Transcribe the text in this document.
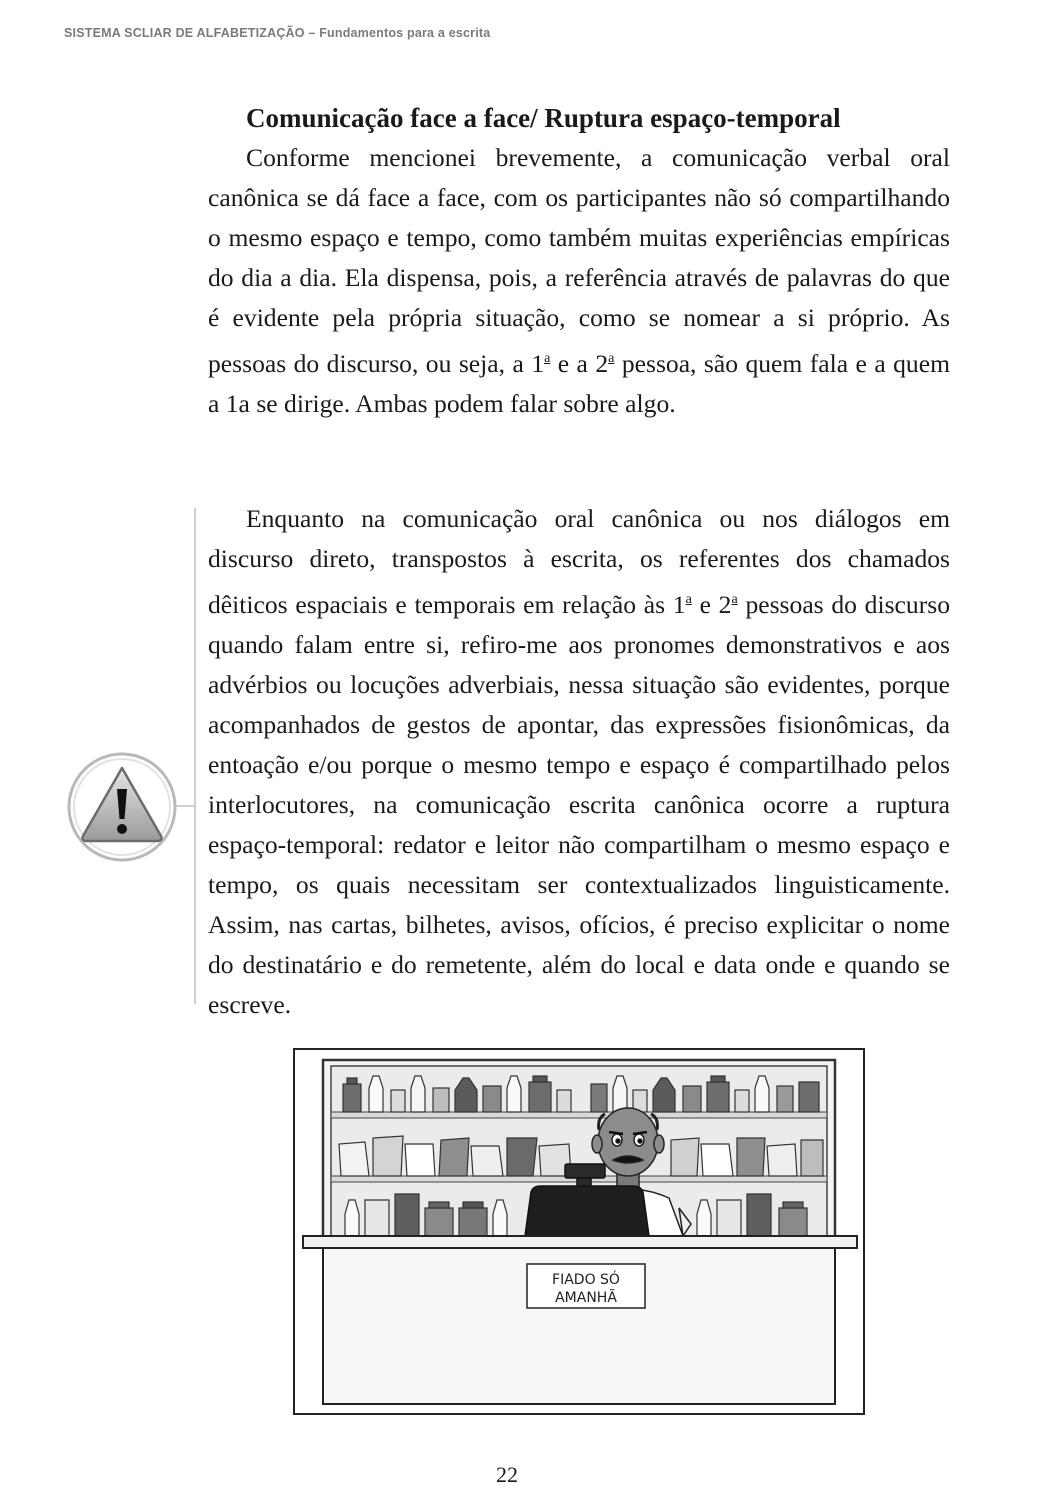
SISTEMA SCLIAR DE ALFABETIZAÇÃO – Fundamentos para a escrita
Comunicação face a face/ Ruptura espaço-temporal

Conforme mencionei brevemente, a comunicação verbal oral canônica se dá face a face, com os participantes não só compartilhando o mesmo espaço e tempo, como também muitas experiências empíricas do dia a dia. Ela dispensa, pois, a referência através de palavras do que é evidente pela própria situação, como se nomear a si próprio. As pessoas do discurso, ou seja, a 1$^a$ e a 2$^a$ pessoa, são quem fala e a quem a 1a se dirige. Ambas podem falar sobre algo.

Enquanto na comunicação oral canônica ou nos diálogos em discurso direto, transpostos à escrita, os referentes dos chamados dêiticos espaciais e temporais em relação às 1$^a$ e 2$^a$ pessoas do discurso quando falam entre si, refiro-me aos pronomes demonstrativos e aos advérbios ou locuções adverbiais, nessa situação são evidentes, porque acompanhados de gestos de apontar, das expressões fisionômicas, da entoação e/ou porque o mesmo tempo e espaço é compartilhado pelos interlocutores, na comunicação escrita canônica ocorre a ruptura espaço-temporal: redator e leitor não compartilham o mesmo espaço e tempo, os quais necessitam ser contextualizados linguisticamente. Assim, nas cartas, bilhetes, avisos, ofícios, é preciso explicitar o nome do destinatário e do remetente, além do local e data onde e quando se escreve.

FIADO SÓ
AMANHÃ
22
